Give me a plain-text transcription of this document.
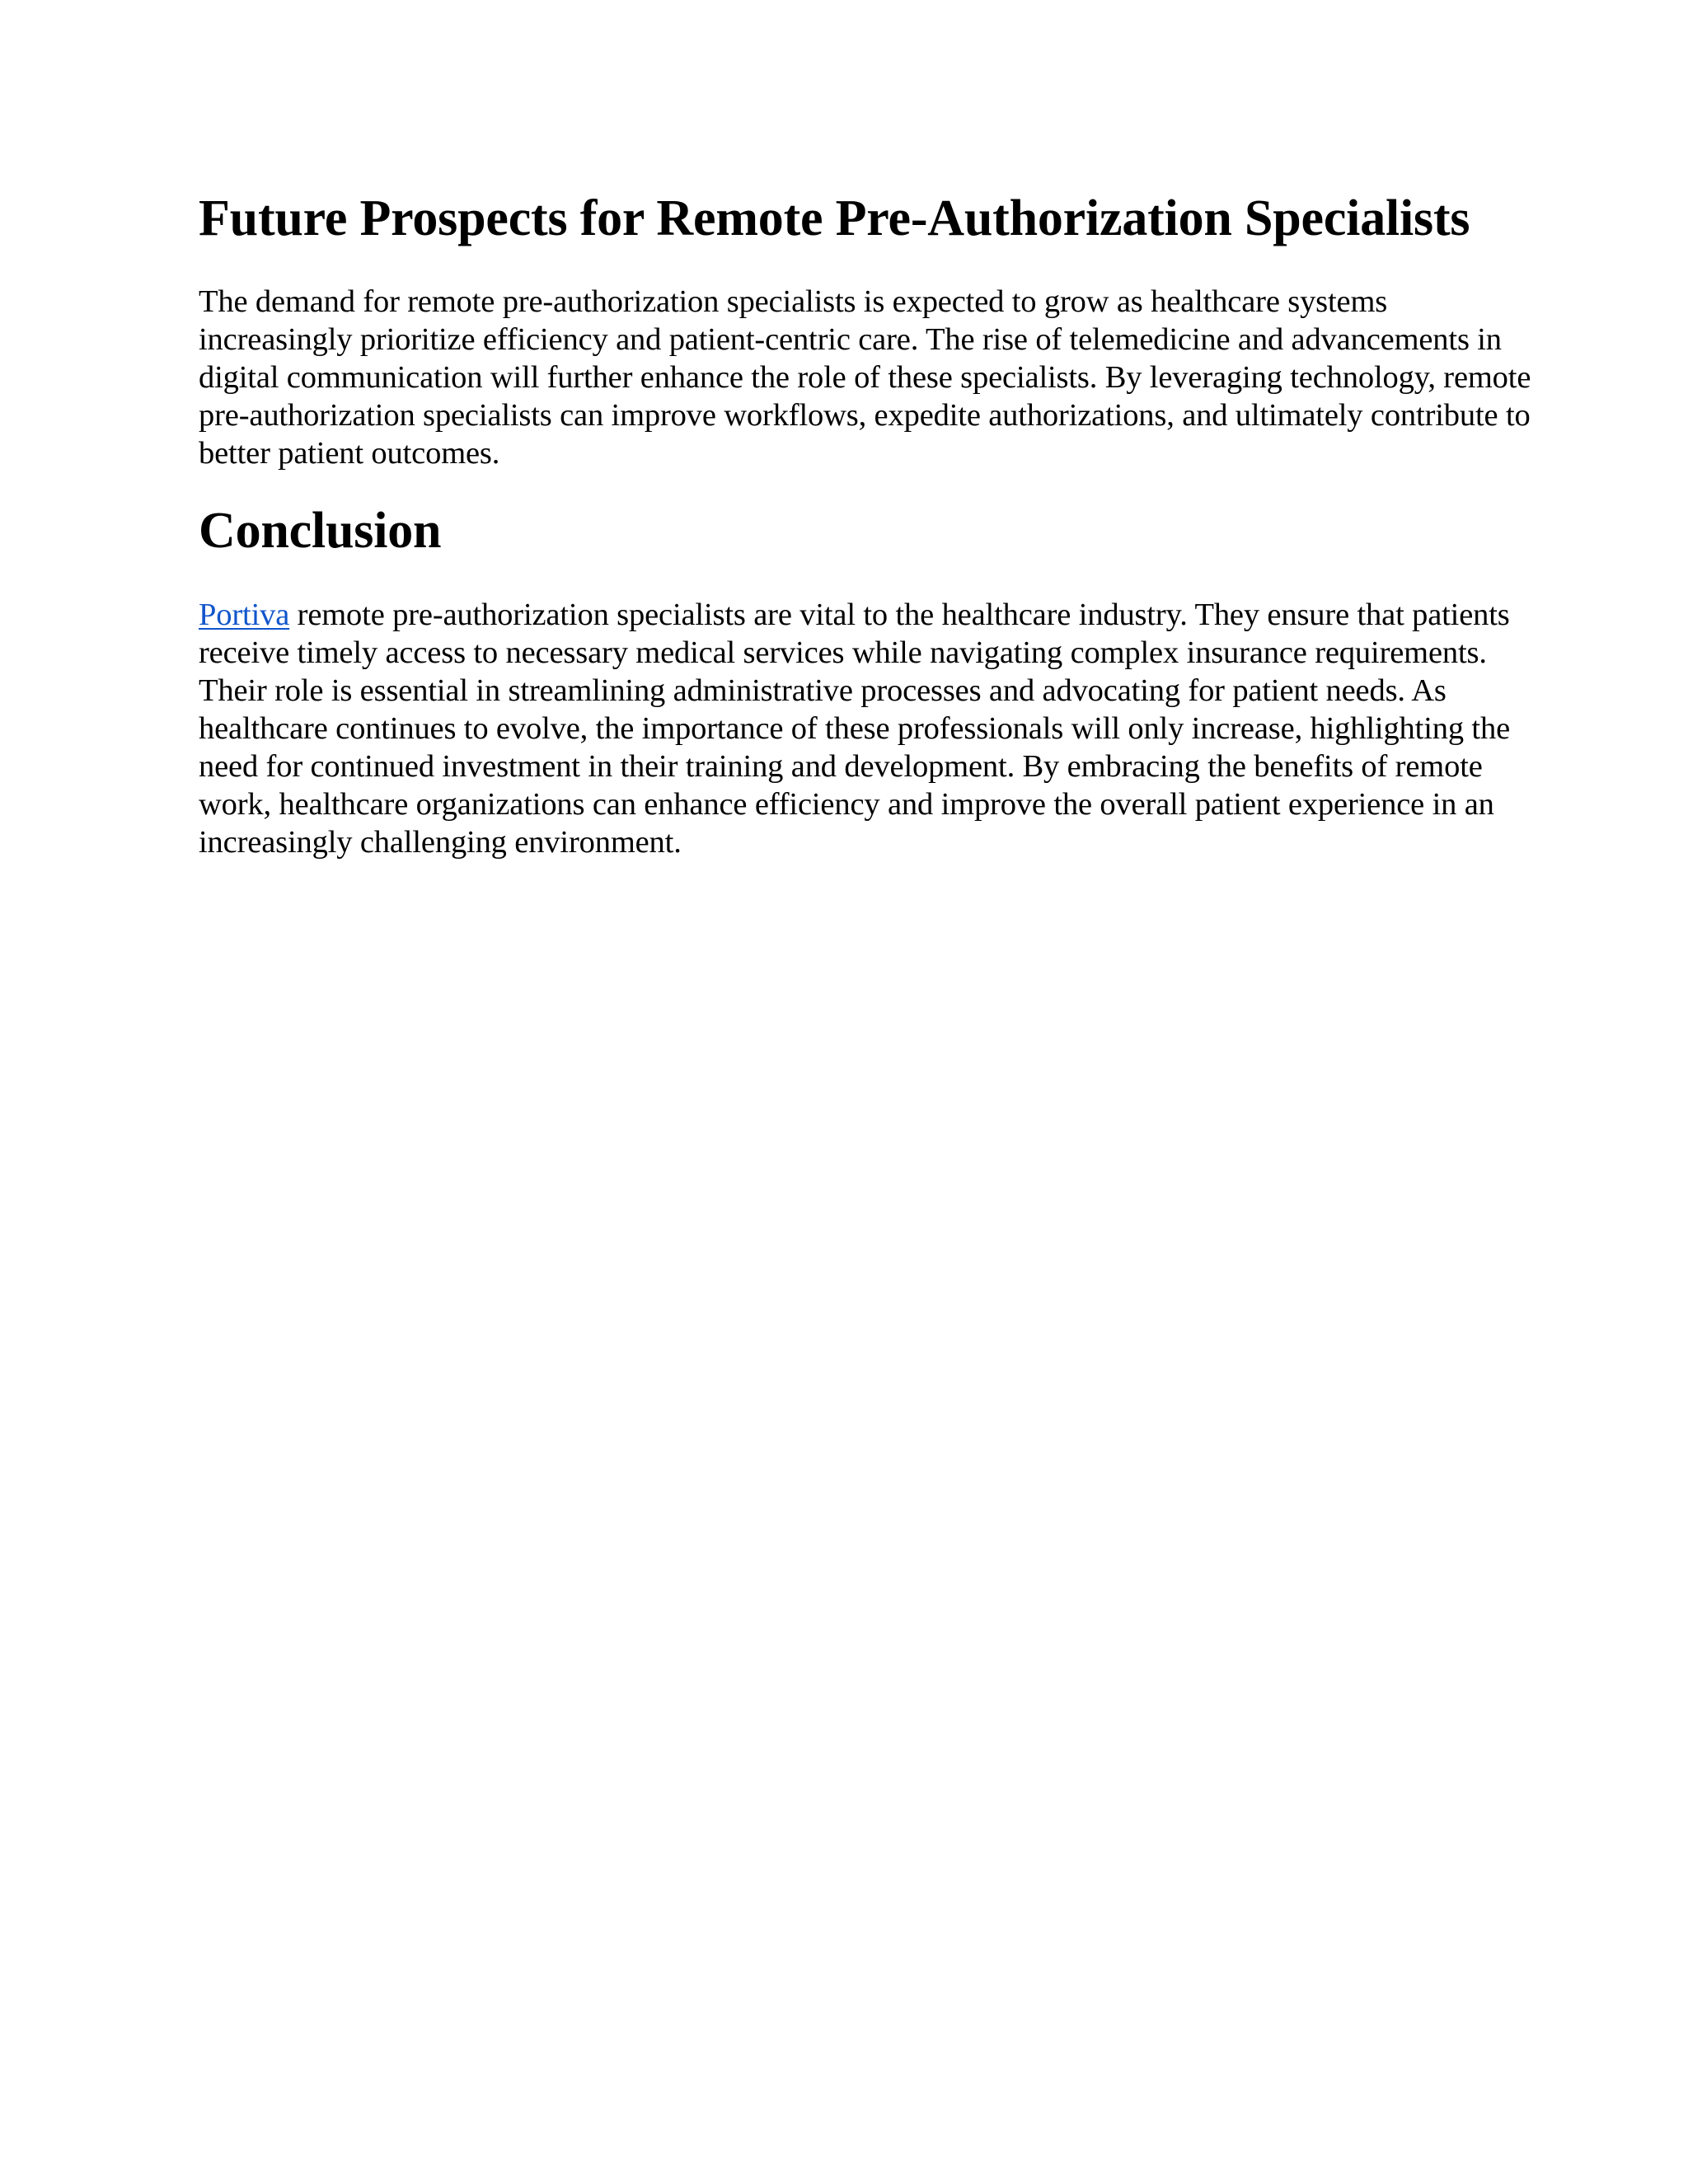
Future Prospects for Remote Pre-Authorization Specialists

The demand for remote pre-authorization specialists is expected to grow as healthcare systems increasingly prioritize efficiency and patient-centric care. The rise of telemedicine and advancements in digital communication will further enhance the role of these specialists. By leveraging technology, remote pre-authorization specialists can improve workflows, expedite authorizations, and ultimately contribute to better patient outcomes.

Conclusion

Portiva remote pre-authorization specialists are vital to the healthcare industry. They ensure that patients receive timely access to necessary medical services while navigating complex insurance requirements. Their role is essential in streamlining administrative processes and advocating for patient needs. As healthcare continues to evolve, the importance of these professionals will only increase, highlighting the need for continued investment in their training and development. By embracing the benefits of remote work, healthcare organizations can enhance efficiency and improve the overall patient experience in an increasingly challenging environment.
